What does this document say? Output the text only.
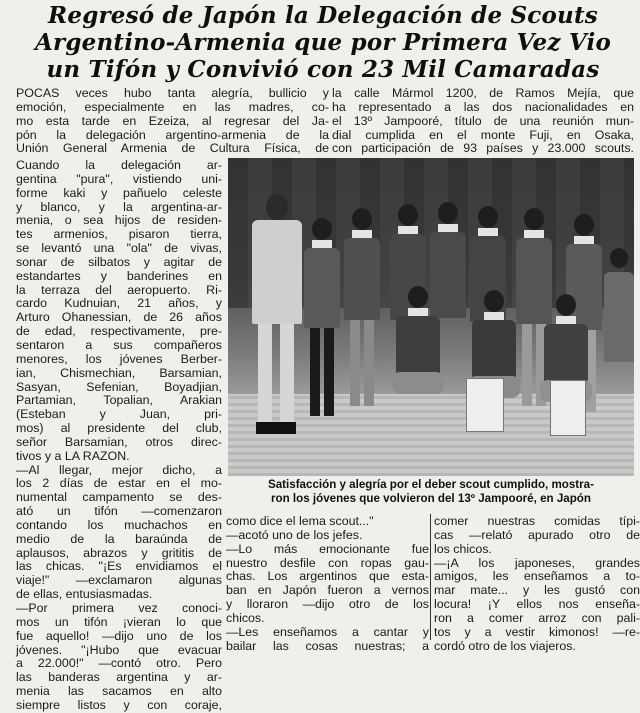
Regresó de Japón la Delegación de Scouts
Argentino-Armenia que por Primera Vez Vio
un Tifón y Convivió con 23 Mil Camaradas
POCAS veces hubo tanta alegría, bullicio y
emoción, especialmente en las madres, co-
mo esta tarde en Ezeiza, al regresar del Ja-
pón la delegación argentino-armenia de la
Unión General Armenia de Cultura Física, de
la calle Mármol 1200, de Ramos Mejía, que
ha representado a las dos nacionalidades en
el 13º Jampooré, título de una reunión mun-
dial cumplida en el monte Fuji, en Osaka,
con participación de 93 países y 23.000 scouts.
Cuando la delegación ar-
gentina "pura", vistiendo uni-
forme kaki y pañuelo celeste
y blanco, y la argentina-ar-
menia, o sea hijos de residen-
tes armenios, pisaron tierra,
se levantó una "ola" de vivas,
sonar de silbatos y agitar de
estandartes y banderines en
la terraza del aeropuerto. Ri-
cardo Kudnuian, 21 años, y
Arturo Ohanessian, de 26 años
de edad, respectivamente, pre-
sentaron a sus compañeros
menores, los jóvenes Berber-
ian, Chismechian, Barsamian,
Sasyan, Sefenian, Boyadjian,
Partamian, Topalian, Arakian
(Esteban y Juan, pri-
mos) al presidente del club,
señor Barsamian, otros direc-
tivos y a LA RAZON.
—Al llegar, mejor dicho, a
los 2 días de estar en el mo-
numental campamento se des-
ató un tifón —comenzaron
contando los muchachos en
medio de la baraúnda de
aplausos, abrazos y grititis de
las chicas. "¡Es envidiamos el
viaje!" —exclamaron algunas
de ellas, entusiasmadas.
—Por primera vez conoci-
mos un tifón ¡vieran lo que
fue aquello! —dijo uno de los
jóvenes. "¡Hubo que evacuar
a 22.000!" —contó otro. Pero
las banderas argentina y ar-
menia las sacamos en alto
siempre listos y con coraje,
Satisfacción y alegría por el deber scout cumplido, mostra-
ron los jóvenes que volvieron del 13º Jampooré, en Japón
como dice el lema scout..."
—acotó uno de los jefes.
—Lo más emocionante fue
nuestro desfile con ropas gau-
chas. Los argentinos que esta-
ban en Japón fueron a vernos
y lloraron —dijo otro de los
chicos.
—Les enseñamos a cantar y
bailar las cosas nuestras; a
comer nuestras comidas típi-
cas —relató apurado otro de
los chicos.
—¡A los japoneses, grandes
amigos, les enseñamos a to-
mar mate... y les gustó con
locura! ¡Y ellos nos enseña-
ron a comer arroz con pali-
tos y a vestir kimonos! —re-
cordó otro de los viajeros.
